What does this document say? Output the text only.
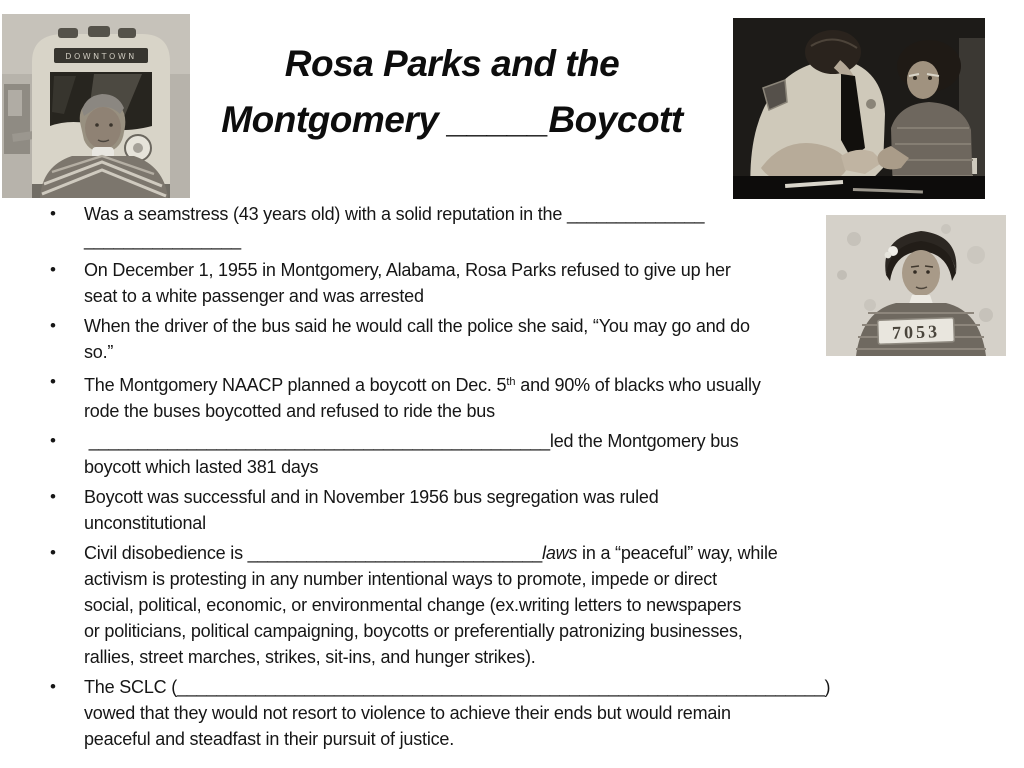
Rosa Parks and the
Montgomery _____Boycott
DOWNTOWN
7053
• Was a seamstress (43 years old) with a solid reputation in the ______________
________________
• On December 1, 1955 in Montgomery, Alabama, Rosa Parks refused to give up her
seat to a white passenger and was arrested
• When the driver of the bus said he would call the police she said, “You may go and do
so.”
• The Montgomery NAACP planned a boycott on Dec. 5th and 90% of blacks who usually
rode the buses boycotted and refused to ride the bus
• _______________________________________________led the Montgomery bus
boycott which lasted 381 days
• Boycott was successful and in November 1956 bus segregation was ruled
unconstitutional
• Civil disobedience is ______________________________laws in a “peaceful” way, while
activism is protesting in any number intentional ways to promote, impede or direct
social, political, economic, or environmental change (ex.writing letters to newspapers
or politicians, political campaigning, boycotts or preferentially patronizing businesses,
rallies, street marches, strikes, sit-ins, and hunger strikes).
• The SCLC (__________________________________________________________________)
vowed that they would not resort to violence to achieve their ends but would remain
peaceful and steadfast in their pursuit of justice.
